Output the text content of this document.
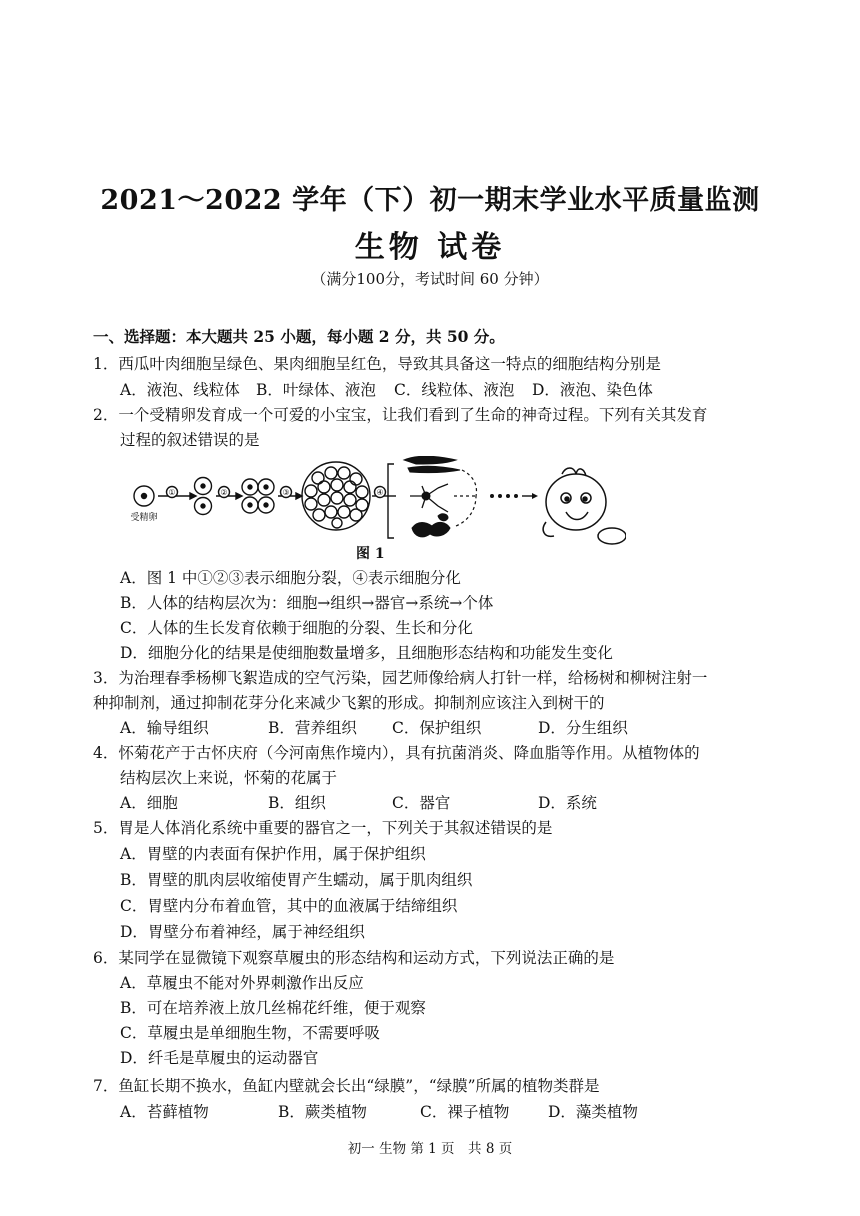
2021～2022 学年（下）初一期末学业水平质量监测
生物 试卷
（满分100分，考试时间 60 分钟）
一、选择题：本大题共 25 小题，每小题 2 分，共 50 分。
1．西瓜叶肉细胞呈绿色、果肉细胞呈红色，导致其具备这一特点的细胞结构分别是
A．液泡、线粒体	B．叶绿体、液泡	C．线粒体、液泡	D．液泡、染色体
2．一个受精卵发育成一个可爱的小宝宝，让我们看到了生命的神奇过程。下列有关其发育
过程的叙述错误的是
①	②	③	④
受精卵
图 1
A．图 1 中①②③表示细胞分裂，④表示细胞分化
B．人体的结构层次为：细胞→组织→器官→系统→个体
C．人体的生长发育依赖于细胞的分裂、生长和分化
D．细胞分化的结果是使细胞数量增多，且细胞形态结构和功能发生变化
3．为治理春季杨柳飞絮造成的空气污染，园艺师像给病人打针一样，给杨树和柳树注射一
种抑制剂，通过抑制花芽分化来减少飞絮的形成。抑制剂应该注入到树干的
A．输导组织	B．营养组织	C．保护组织	D．分生组织
4．怀菊花产于古怀庆府（今河南焦作境内），具有抗菌消炎、降血脂等作用。从植物体的
结构层次上来说，怀菊的花属于
A．细胞	B．组织	C．器官	D．系统
5．胃是人体消化系统中重要的器官之一，下列关于其叙述错误的是
A．胃壁的内表面有保护作用，属于保护组织
B．胃壁的肌肉层收缩使胃产生蠕动，属于肌肉组织
C．胃壁内分布着血管，其中的血液属于结缔组织
D．胃壁分布着神经，属于神经组织
6．某同学在显微镜下观察草履虫的形态结构和运动方式，下列说法正确的是
A．草履虫不能对外界刺激作出反应
B．可在培养液上放几丝棉花纤维，便于观察
C．草履虫是单细胞生物，不需要呼吸
D．纤毛是草履虫的运动器官
7．鱼缸长期不换水，鱼缸内壁就会长出“绿膜”，“绿膜”所属的植物类群是
A．苔藓植物	B．蕨类植物	C．裸子植物	D．藻类植物
初一 生物 第 1 页　共 8 页
